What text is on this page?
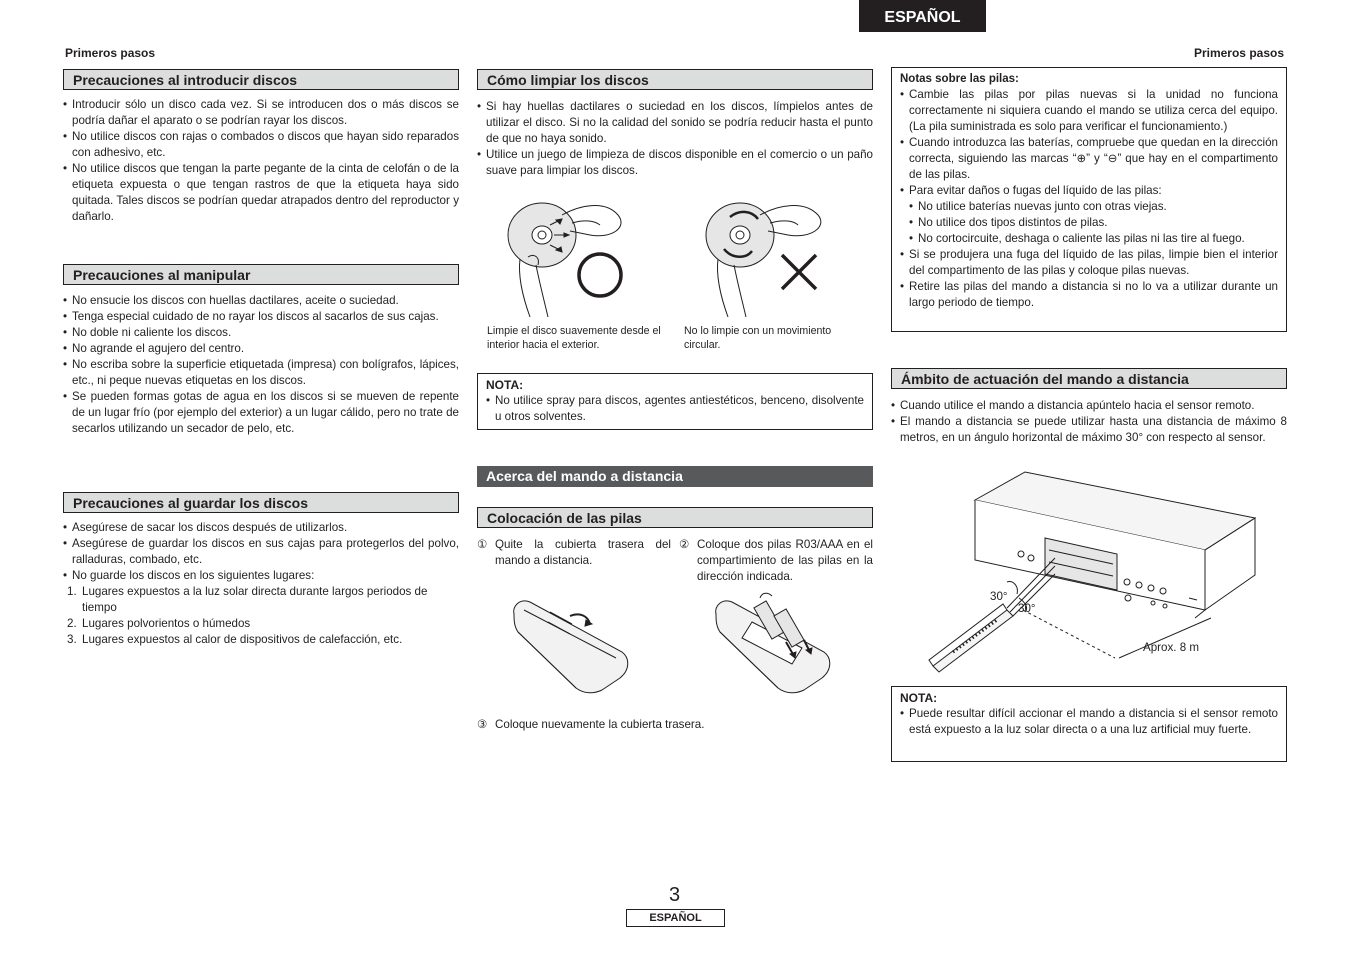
ESPAÑOL
Primeros pasos	Primeros pasos
Precauciones al introducir discos
• Introducir sólo un disco cada vez. Si se introducen dos o más discos se podría dañar el aparato o se podrían rayar los discos.
• No utilice discos con rajas o combados o discos que hayan sido reparados con adhesivo, etc.
• No utilice discos que tengan la parte pegante de la cinta de celofán o de la etiqueta expuesta o que tengan rastros de que la etiqueta haya sido quitada. Tales discos se podrían quedar atrapados dentro del reproductor y dañarlo.
Precauciones al manipular
• No ensucie los discos con huellas dactilares, aceite o suciedad.
• Tenga especial cuidado de no rayar los discos al sacarlos de sus cajas.
• No doble ni caliente los discos.
• No agrande el agujero del centro.
• No escriba sobre la superficie etiquetada (impresa) con bolígrafos, lápices, etc., ni peque nuevas etiquetas en los discos.
• Se pueden formas gotas de agua en los discos si se mueven de repente de un lugar frío (por ejemplo del exterior) a un lugar cálido, pero no trate de secarlos utilizando un secador de pelo, etc.
Precauciones al guardar los discos
• Asegúrese de sacar los discos después de utilizarlos.
• Asegúrese de guardar los discos en sus cajas para protegerlos del polvo, ralladuras, combado, etc.
• No guarde los discos en los siguientes lugares:
1. Lugares expuestos a la luz solar directa durante largos periodos de tiempo
2. Lugares polvorientos o húmedos
3. Lugares expuestos al calor de dispositivos de calefacción, etc.
Cómo limpiar los discos
• Si hay huellas dactilares o suciedad en los discos, límpielos antes de utilizar el disco. Si no la calidad del sonido se podría reducir hasta el punto de que no haya sonido.
• Utilice un juego de limpieza de discos disponible en el comercio o un paño suave para limpiar los discos.
Limpie el disco suavemente desde el interior hacia el exterior.
No lo limpie con un movimiento circular.
NOTA:
• No utilice spray para discos, agentes antiestéticos, benceno, disolvente u otros solventes.
Acerca del mando a distancia
Colocación de las pilas
① Quite la cubierta trasera del mando a distancia.
② Coloque dos pilas R03/AAA en el compartimiento de las pilas en la dirección indicada.
③ Coloque nuevamente la cubierta trasera.
Notas sobre las pilas:
• Cambie las pilas por pilas nuevas si la unidad no funciona correctamente ni siquiera cuando el mando se utiliza cerca del equipo. (La pila suministrada es solo para verificar el funcionamiento.)
• Cuando introduzca las baterías, compruebe que quedan en la dirección correcta, siguiendo las marcas “⊕” y “⊖” que hay en el compartimento de las pilas.
• Para evitar daños o fugas del líquido de las pilas:
• No utilice baterías nuevas junto con otras viejas.
• No utilice dos tipos distintos de pilas.
• No cortocircuite, deshaga o caliente las pilas ni las tire al fuego.
• Si se produjera una fuga del líquido de las pilas, limpie bien el interior del compartimento de las pilas y coloque pilas nuevas.
• Retire las pilas del mando a distancia si no lo va a utilizar durante un largo periodo de tiempo.
Ámbito de actuación del mando a distancia
• Cuando utilice el mando a distancia apúntelo hacia el sensor remoto.
• El mando a distancia se puede utilizar hasta una distancia de máximo 8 metros, en un ángulo horizontal de máximo 30° con respecto al sensor.
30°
30°
Aprox. 8 m
NOTA:
• Puede resultar difícil accionar el mando a distancia si el sensor remoto está expuesto a la luz solar directa o a una luz artificial muy fuerte.
3
ESPAÑOL
